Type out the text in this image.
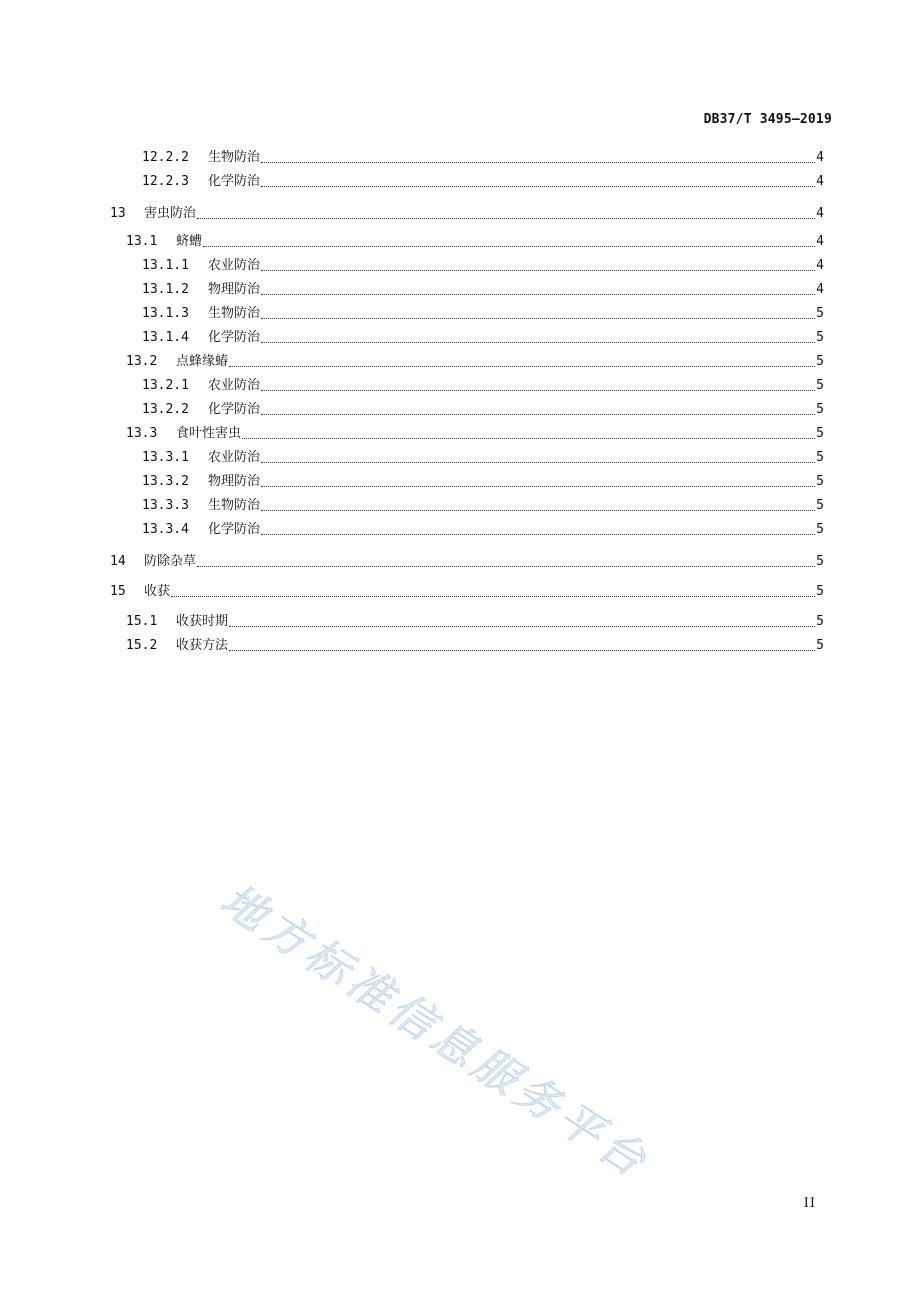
DB37/T 3495—2019
12.2.2	生物防治	4
12.2.3	化学防治	4
13	害虫防治	4
13.1	蛴螬	4
13.1.1	农业防治	4
13.1.2	物理防治	4
13.1.3	生物防治	5
13.1.4	化学防治	5
13.2	点蜂缘蝽	5
13.2.1	农业防治	5
13.2.2	化学防治	5
13.3	食叶性害虫	5
13.3.1	农业防治	5
13.3.2	物理防治	5
13.3.3	生物防治	5
13.3.4	化学防治	5
14	防除杂草	5
15	收获	5
15.1	收获时期	5
15.2	收获方法	5
地方标准信息服务平台
II
